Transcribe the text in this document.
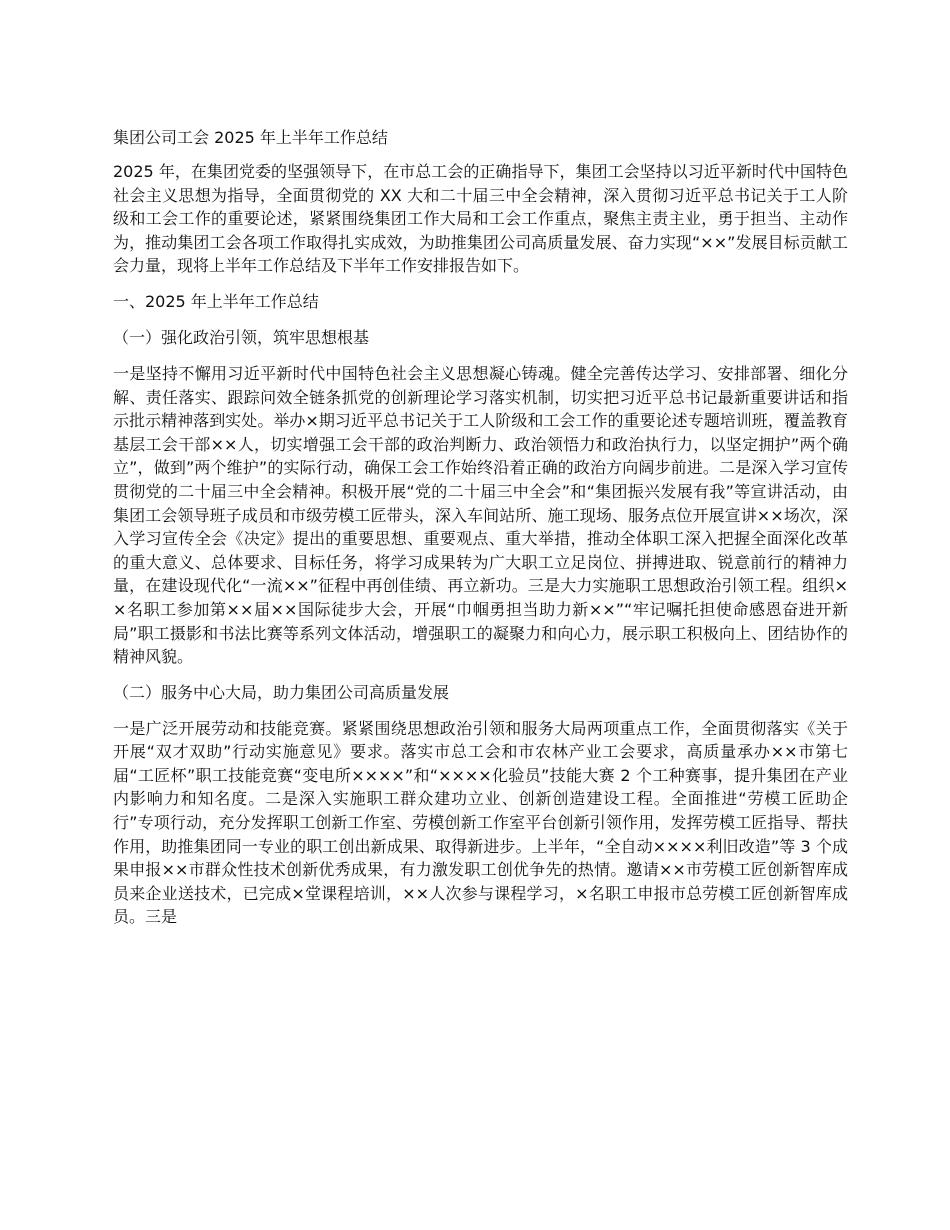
集团公司工会 2025 年上半年工作总结

2025 年，在集团党委的坚强领导下，在市总工会的正确指导下，集团工会坚持以习近平新时代中国特色社会主义思想为指导，全面贯彻党的 XX 大和二十届三中全会精神，深入贯彻习近平总书记关于工人阶级和工会工作的重要论述，紧紧围绕集团工作大局和工会工作重点，聚焦主责主业，勇于担当、主动作为，推动集团工会各项工作取得扎实成效，为助推集团公司高质量发展、奋力实现“××”发展目标贡献工会力量，现将上半年工作总结及下半年工作安排报告如下。

一、2025 年上半年工作总结
（一）强化政治引领，筑牢思想根基

一是坚持不懈用习近平新时代中国特色社会主义思想凝心铸魂。健全完善传达学习、安排部署、细化分解、责任落实、跟踪问效全链条抓党的创新理论学习落实机制，切实把习近平总书记最新重要讲话和指示批示精神落到实处。举办×期习近平总书记关于工人阶级和工会工作的重要论述专题培训班，覆盖教育基层工会干部××人，切实增强工会干部的政治判断力、政治领悟力和政治执行力，以坚定拥护”两个确立”，做到”两个维护”的实际行动，确保工会工作始终沿着正确的政治方向阔步前进。二是深入学习宣传贯彻党的二十届三中全会精神。积极开展“党的二十届三中全会”和“集团振兴发展有我”等宣讲活动，由集团工会领导班子成员和市级劳模工匠带头，深入车间站所、施工现场、服务点位开展宣讲××场次，深入学习宣传全会《决定》提出的重要思想、重要观点、重大举措，推动全体职工深入把握全面深化改革的重大意义、总体要求、目标任务，将学习成果转为广大职工立足岗位、拼搏进取、锐意前行的精神力量，在建设现代化“一流××”征程中再创佳绩、再立新功。三是大力实施职工思想政治引领工程。组织××名职工参加第××届××国际徒步大会，开展“巾帼勇担当助力新××”“牢记嘱托担使命感恩奋进开新局”职工摄影和书法比赛等系列文体活动，增强职工的凝聚力和向心力，展示职工积极向上、团结协作的精神风貌。

（二）服务中心大局，助力集团公司高质量发展

一是广泛开展劳动和技能竞赛。紧紧围绕思想政治引领和服务大局两项重点工作，全面贯彻落实《关于开展“双才双助”行动实施意见》要求。落实市总工会和市农林产业工会要求，高质量承办××市第七届“工匠杯”职工技能竞赛“变电所××××”和“××××化验员”技能大赛 2 个工种赛事，提升集团在产业内影响力和知名度。二是深入实施职工群众建功立业、创新创造建设工程。全面推进“劳模工匠助企行”专项行动，充分发挥职工创新工作室、劳模创新工作室平台创新引领作用，发挥劳模工匠指导、帮扶作用，助推集团同一专业的职工创出新成果、取得新进步。上半年，“全自动××××利旧改造”等 3 个成果申报××市群众性技术创新优秀成果，有力激发职工创优争先的热情。邀请××市劳模工匠创新智库成员来企业送技术，已完成×堂课程培训，××人次参与课程学习，×名职工申报市总劳模工匠创新智库成员。三是
